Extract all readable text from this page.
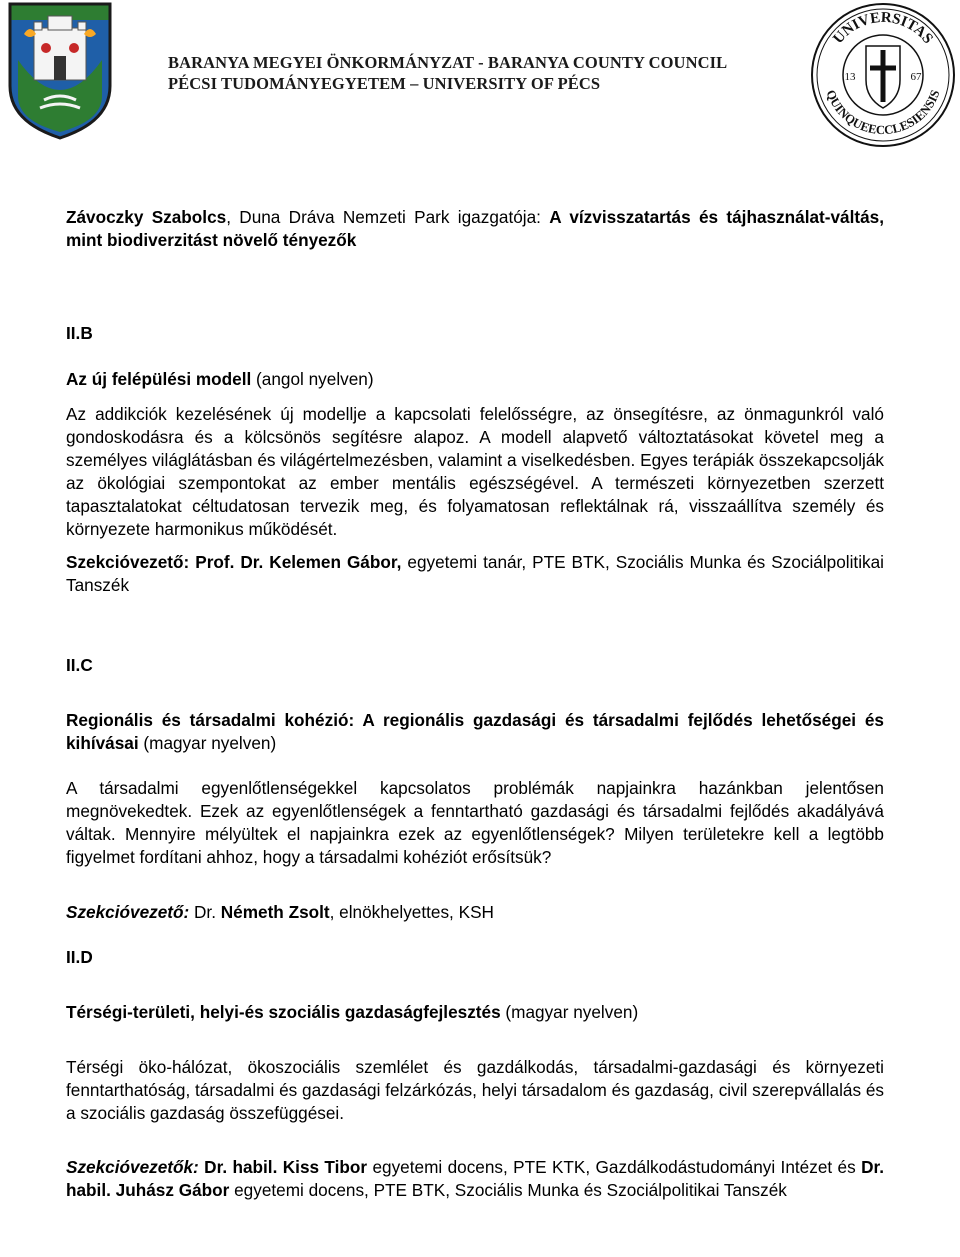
BARANYA MEGYEI ÖNKORMÁNYZAT - BARANYA COUNTY COUNCIL
PÉCSI TUDOMÁNYEGYETEM – UNIVERSITY OF PÉCS
UNIVERSITAS
QUINQUEECCLESIENSIS
13	67

Závoczky Szabolcs, Duna Dráva Nemzeti Park igazgatója: A vízvisszatartás és tájhasználat-váltás, mint biodiverzitást növelő tényezők

II.B

Az új felépülési modell (angol nyelven)

Az addikciók kezelésének új modellje a kapcsolati felelősségre, az önsegítésre, az önmagunkról való gondoskodásra és a kölcsönös segítésre alapoz. A modell alapvető változtatásokat követel meg a személyes világlátásban és világértelmezésben, valamint a viselkedésben. Egyes terápiák összekapcsolják az ökológiai szempontokat az ember mentális egészségével. A természeti környezetben szerzett tapasztalatokat céltudatosan tervezik meg, és folyamatosan reflektálnak rá, visszaállítva személy és környezete harmonikus működését.

Szekcióvezető: Prof. Dr. Kelemen Gábor, egyetemi tanár, PTE BTK, Szociális Munka és Szociálpolitikai Tanszék

II.C

Regionális és társadalmi kohézió: A regionális gazdasági és társadalmi fejlődés lehetőségei és kihívásai (magyar nyelven)

A társadalmi egyenlőtlenségekkel kapcsolatos problémák napjainkra hazánkban jelentősen megnövekedtek. Ezek az egyenlőtlenségek a fenntartható gazdasági és társadalmi fejlődés akadályává váltak. Mennyire mélyültek el napjainkra ezek az egyenlőtlenségek? Milyen területekre kell a legtöbb figyelmet fordítani ahhoz, hogy a társadalmi kohéziót erősítsük?

Szekcióvezető: Dr. Németh Zsolt, elnökhelyettes, KSH

II.D

Térségi-területi, helyi-és szociális gazdaságfejlesztés (magyar nyelven)

Térségi öko-hálózat, ökoszociális szemlélet és gazdálkodás, társadalmi-gazdasági és környezeti fenntarthatóság, társadalmi és gazdasági felzárkózás, helyi társadalom és gazdaság, civil szerepvállalás és a szociális gazdaság összefüggései.

Szekcióvezetők: Dr. habil. Kiss Tibor egyetemi docens, PTE KTK, Gazdálkodástudományi Intézet és Dr. habil. Juhász Gábor egyetemi docens, PTE BTK, Szociális Munka és Szociálpolitikai Tanszék
